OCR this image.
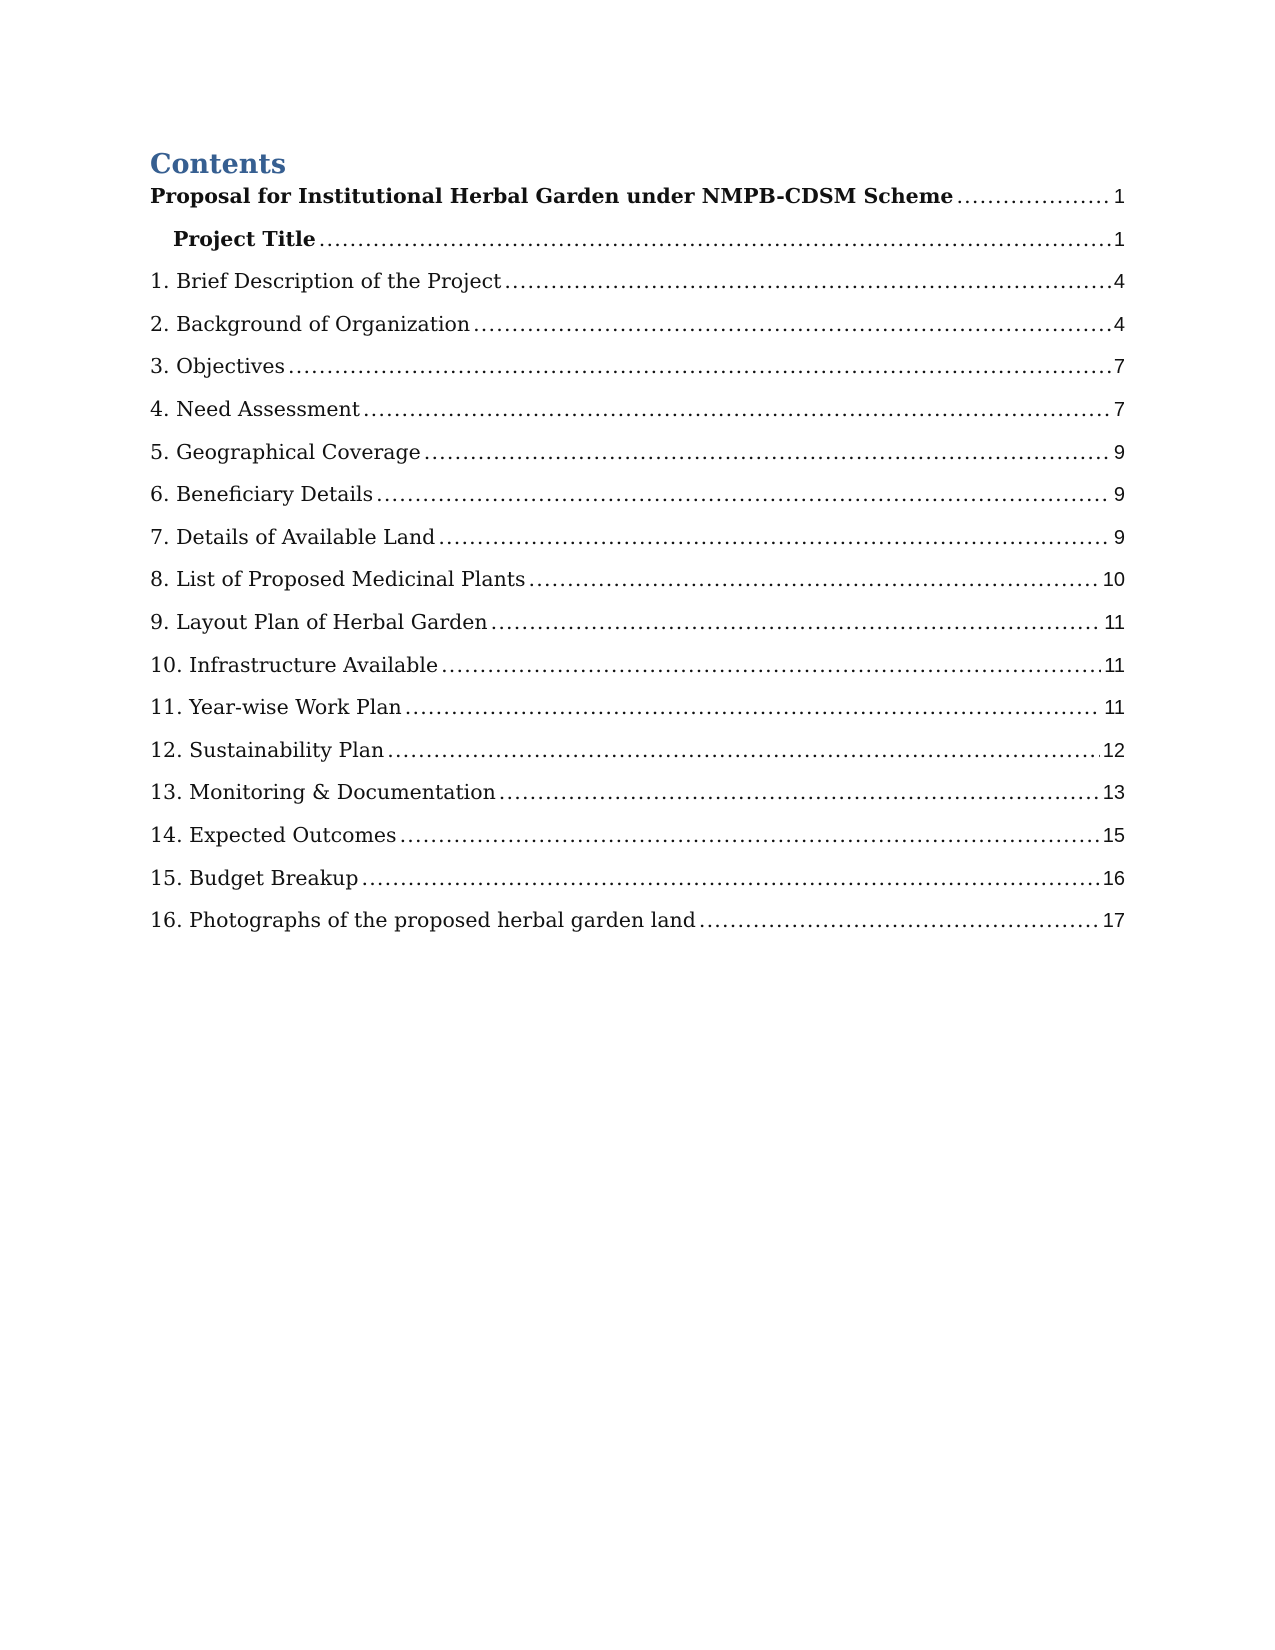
Contents
Proposal for Institutional Herbal Garden under NMPB-CDSM Scheme .....	1
Project Title .....	1
1. Brief Description of the Project .....	4
2. Background of Organization .....	4
3. Objectives .....	7
4. Need Assessment .....	7
5. Geographical Coverage .....	9
6. Beneficiary Details .....	9
7. Details of Available Land .....	9
8. List of Proposed Medicinal Plants .....	10
9. Layout Plan of Herbal Garden .....	11
10. Infrastructure Available .....	11
11. Year-wise Work Plan .....	11
12. Sustainability Plan .....	12
13. Monitoring & Documentation .....	13
14. Expected Outcomes .....	15
15. Budget Breakup .....	16
16. Photographs of the proposed herbal garden land .....	17
